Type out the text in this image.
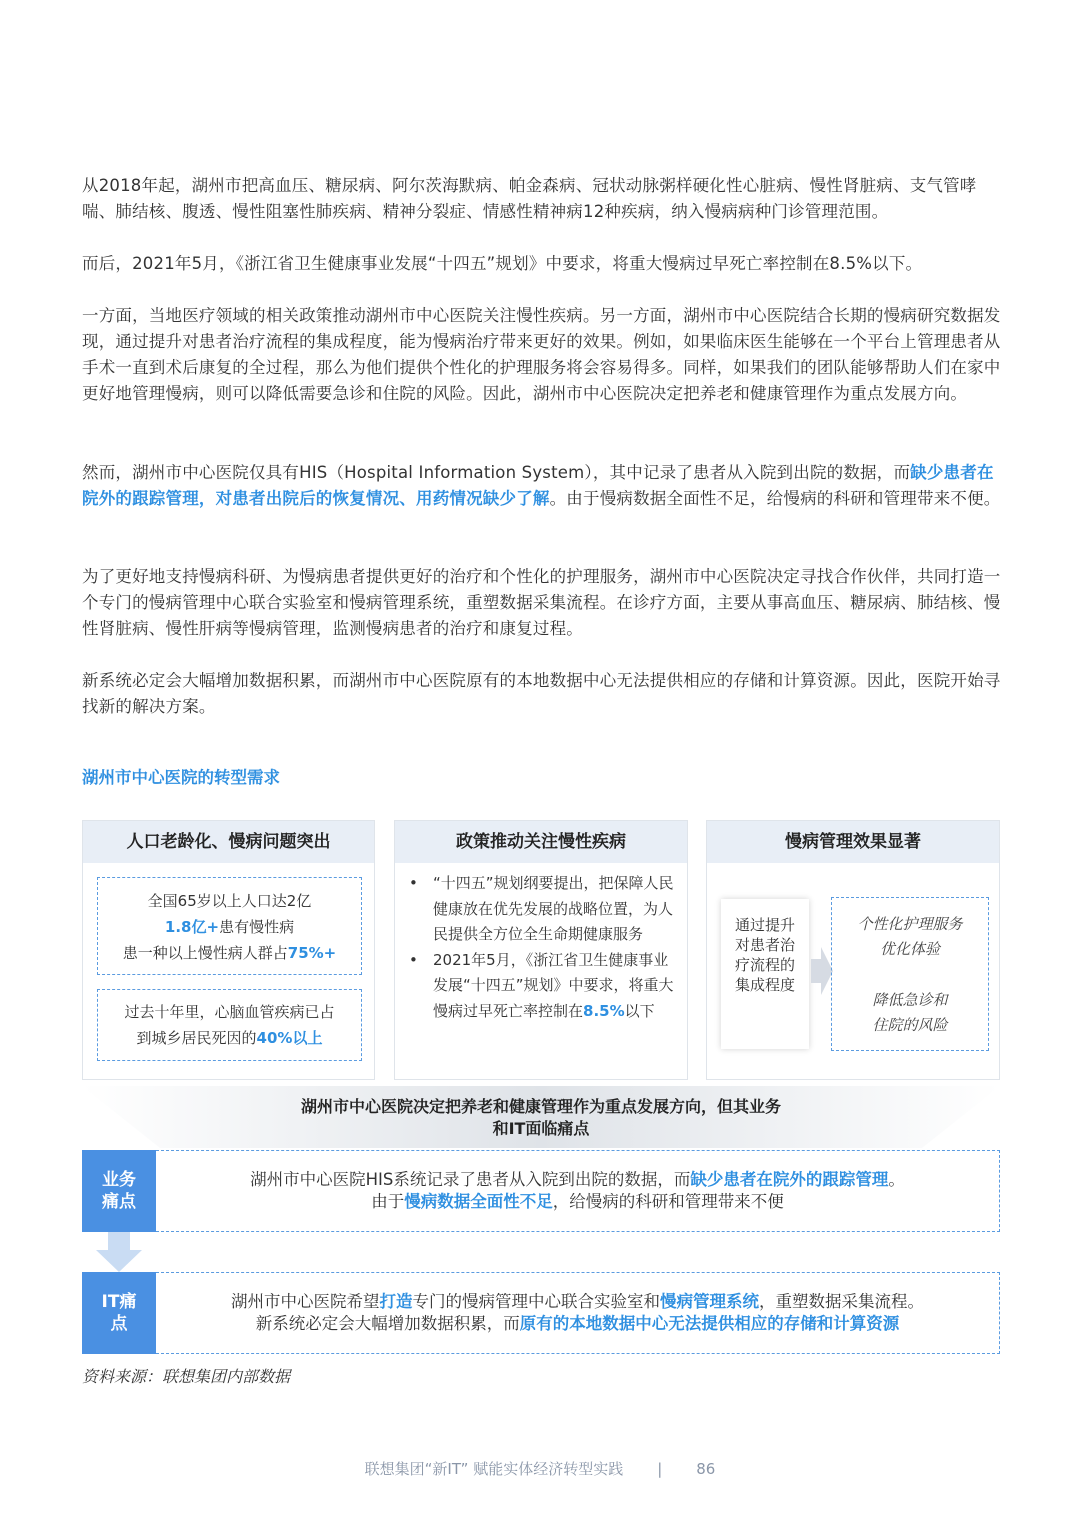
从2018年起，湖州市把高血压、糖尿病、阿尔茨海默病、帕金森病、冠状动脉粥样硬化性心脏病、慢性肾脏病、支气管哮喘、肺结核、腹透、慢性阻塞性肺疾病、精神分裂症、情感性精神病12种疾病，纳入慢病病种门诊管理范围。

而后，2021年5月，《浙江省卫生健康事业发展“十四五”规划》中要求，将重大慢病过早死亡率控制在8.5%以下。

一方面，当地医疗领域的相关政策推动湖州市中心医院关注慢性疾病。另一方面，湖州市中心医院结合长期的慢病研究数据发现，通过提升对患者治疗流程的集成程度，能为慢病治疗带来更好的效果。例如，如果临床医生能够在一个平台上管理患者从手术一直到术后康复的全过程，那么为他们提供个性化的护理服务将会容易得多。同样，如果我们的团队能够帮助人们在家中更好地管理慢病，则可以降低需要急诊和住院的风险。因此，湖州市中心医院决定把养老和健康管理作为重点发展方向。

然而，湖州市中心医院仅具有HIS（Hospital Information System），其中记录了患者从入院到出院的数据，而缺少患者在院外的跟踪管理，对患者出院后的恢复情况、用药情况缺少了解。由于慢病数据全面性不足，给慢病的科研和管理带来不便。

为了更好地支持慢病科研、为慢病患者提供更好的治疗和个性化的护理服务，湖州市中心医院决定寻找合作伙伴，共同打造一个专门的慢病管理中心联合实验室和慢病管理系统，重塑数据采集流程。在诊疗方面，主要从事高血压、糖尿病、肺结核、慢性肾脏病、慢性肝病等慢病管理，监测慢病患者的治疗和康复过程。

新系统必定会大幅增加数据积累，而湖州市中心医院原有的本地数据中心无法提供相应的存储和计算资源。因此，医院开始寻找新的解决方案。

湖州市中心医院的转型需求
人口老龄化、慢病问题突出
全国65岁以上人口达2亿
1.8亿+患有慢性病
患一种以上慢性病人群占75%+
过去十年里，心脑血管疾病已占
到城乡居民死因的40%以上
政策推动关注慢性疾病
• “十四五”规划纲要提出，把保障人民健康放在优先发展的战略位置，为人民提供全方位全生命期健康服务
• 2021年5月，《浙江省卫生健康事业发展“十四五”规划》中要求，将重大慢病过早死亡率控制在8.5%以下
慢病管理效果显著
通过提升对患者治疗流程的集成程度
个性化护理服务
优化体验
降低急诊和
住院的风险
湖州市中心医院决定把养老和健康管理作为重点发展方向，但其业务
和IT面临痛点
业务
痛点
湖州市中心医院HIS系统记录了患者从入院到出院的数据，而缺少患者在院外的跟踪管理。
由于慢病数据全面性不足，给慢病的科研和管理带来不便
IT痛
点
湖州市中心医院希望打造专门的慢病管理中心联合实验室和慢病管理系统，重塑数据采集流程。
新系统必定会大幅增加数据积累，而原有的本地数据中心无法提供相应的存储和计算资源
资料来源：联想集团内部数据
联想集团“新IT” 赋能实体经济转型实践 | 86
